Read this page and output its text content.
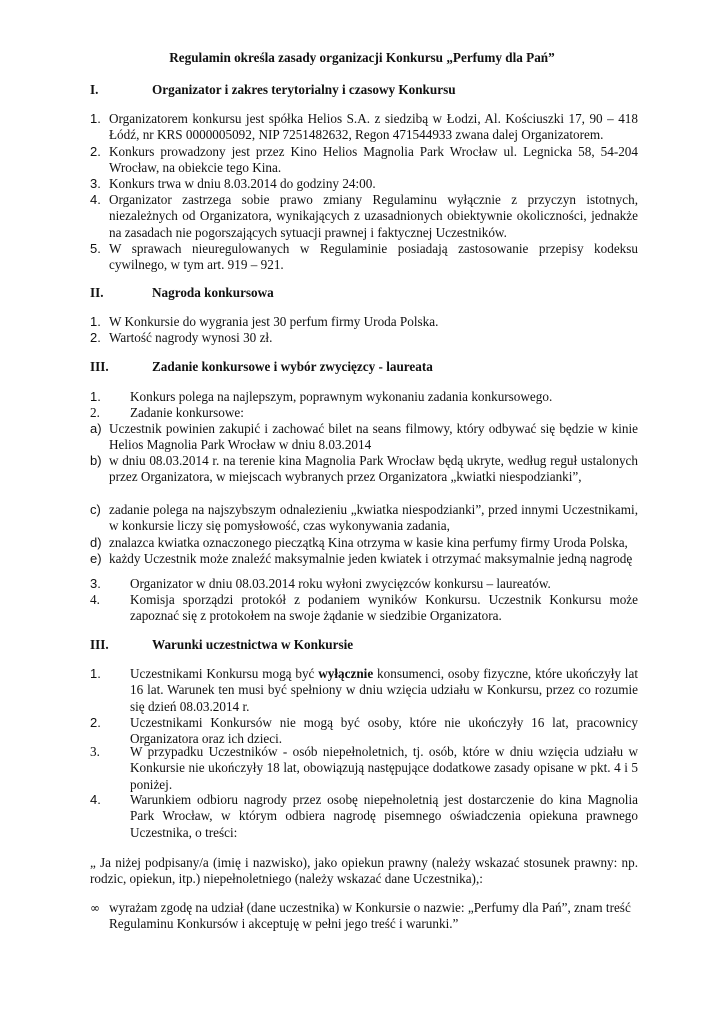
Regulamin określa zasady organizacji Konkursu „Perfumy dla Pań”
I.	Organizator i zakres terytorialny i czasowy Konkursu
1. Organizatorem konkursu jest spółka Helios S.A. z siedzibą w Łodzi, Al. Kościuszki 17, 90 – 418 Łódź, nr KRS 0000005092, NIP 7251482632, Regon 471544933 zwana dalej Organizatorem.
2. Konkurs prowadzony jest przez Kino Helios Magnolia Park Wrocław ul. Legnicka 58, 54-204 Wrocław, na obiekcie tego Kina.
3. Konkurs trwa w dniu 8.03.2014 do godziny 24:00.
4. Organizator zastrzega sobie prawo zmiany Regulaminu wyłącznie z przyczyn istotnych, niezależnych od Organizatora, wynikających z uzasadnionych obiektywnie okoliczności, jednakże na zasadach nie pogorszających sytuacji prawnej i faktycznej Uczestników.
5. W sprawach nieuregulowanych w Regulaminie posiadają zastosowanie przepisy kodeksu cywilnego, w tym art. 919 – 921.
II.	Nagroda konkursowa
1. W Konkursie do wygrania jest 30 perfum firmy Uroda Polska.
2. Wartość nagrody wynosi 30 zł.
III.	Zadanie konkursowe i wybór zwycięzcy - laureata
1.	Konkurs polega na najlepszym, poprawnym wykonaniu zadania konkursowego.
2.	Zadanie konkursowe:
a) Uczestnik powinien zakupić i zachować bilet na seans filmowy, który odbywać się będzie w kinie Helios Magnolia Park Wrocław w dniu 8.03.2014
b) w dniu 08.03.2014 r. na terenie kina Magnolia Park Wrocław będą ukryte, według reguł ustalonych przez Organizatora, w miejscach wybranych przez Organizatora „kwiatki niespodzianki”,
c) zadanie polega na najszybszym odnalezieniu „kwiatka niespodzianki”, przed innymi Uczestnikami, w konkursie liczy się pomysłowość, czas wykonywania zadania,
d) znalazca kwiatka oznaczonego pieczątką Kina otrzyma w kasie kina perfumy firmy Uroda Polska,
e) każdy Uczestnik może znaleźć maksymalnie jeden kwiatek i otrzymać maksymalnie jedną nagrodę
3.	Organizator w dniu 08.03.2014 roku wyłoni zwycięzców konkursu – laureatów.
4.	Komisja sporządzi protokół z podaniem wyników Konkursu. Uczestnik Konkursu może zapoznać się z protokołem na swoje żądanie w siedzibie Organizatora.
III.	Warunki uczestnictwa w Konkursie
1.	Uczestnikami Konkursu mogą być wyłącznie konsumenci, osoby fizyczne, które ukończyły lat 16 lat. Warunek ten musi być spełniony w dniu wzięcia udziału w Konkursu, przez co rozumie się dzień 08.03.2014 r.
2.	Uczestnikami Konkursów nie mogą być osoby, które nie ukończyły 16 lat, pracownicy Organizatora oraz ich dzieci.
3.	W przypadku Uczestników - osób niepełnoletnich, tj. osób, które w dniu wzięcia udziału w Konkursie nie ukończyły 18 lat, obowiązują następujące dodatkowe zasady opisane w pkt. 4 i 5 poniżej.
4.	Warunkiem odbioru nagrody przez osobę niepełnoletnią jest dostarczenie do kina Magnolia Park Wrocław, w którym odbiera nagrodę pisemnego oświadczenia opiekuna prawnego Uczestnika, o treści:
„ Ja niżej podpisany/a (imię i nazwisko), jako opiekun prawny (należy wskazać stosunek prawny: np. rodzic, opiekun, itp.) niepełnoletniego (należy wskazać dane Uczestnika),:
∞ wyrażam zgodę na udział (dane uczestnika) w Konkursie o nazwie: „Perfumy dla Pań”, znam treść Regulaminu Konkursów i akceptuję w pełni jego treść i warunki.”
